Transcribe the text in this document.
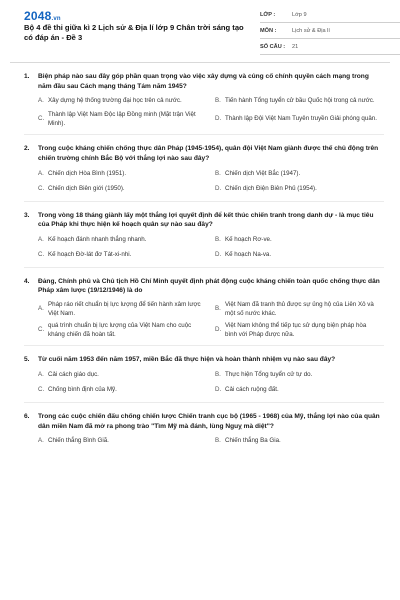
2048.vn
Bộ 4 đề thi giữa kì 2 Lịch sử & Địa lí lớp 9 Chân trời sáng tạo có đáp án - Đề 3
LỚP :	Lớp 9
MÔN :	Lịch sử & Địa lí
SỐ CÂU :	21
1.	Biện pháp nào sau đây góp phần quan trọng vào việc xây dựng và củng cố chính quyền cách mạng trong năm đầu sau Cách mạng tháng Tám năm 1945?
A. Xây dựng hệ thống trường đại học trên cả nước.	B. Tiến hành Tổng tuyển cử bầu Quốc hội trong cả nước.
C.
Thành lập Việt Nam Độc lập Đồng minh (Mặt trận Việt Minh).
D. Thành lập Đội Việt Nam Tuyên truyền Giải phóng quân.
2.	Trong cuộc kháng chiến chống thực dân Pháp (1945-1954), quân đội Việt Nam giành được thế chủ động trên chiến trường chính Bắc Bộ với thắng lợi nào sau đây?
A. Chiến dịch Hòa Bình (1951).	B. Chiến dịch Việt Bắc (1947).
C. Chiến dịch Biên giới (1950).	D. Chiến dịch Điện Biên Phủ (1954).
3.	Trong vòng 18 tháng giành lấy một thắng lợi quyết định để kết thúc chiến tranh trong danh dự - là mục tiêu của Pháp khi thực hiện kế hoạch quân sự nào sau đây?
A. Kế hoạch đánh nhanh thắng nhanh.	B. Kế hoạch Rơ-ve.
C. Kế hoạch Đờ-lát đơ Tát-xi-nhi.	D. Kế hoạch Na-va.
4.	Đảng, Chính phủ và Chủ tịch Hồ Chí Minh quyết định phát động cuộc kháng chiến toàn quốc chống thực dân Pháp xâm lược (19/12/1946) là do
A.
Pháp ráo riết chuẩn bị lực lượng để tiến hành xâm lược Việt Nam.
B.
Việt Nam đã tranh thủ được sự ủng hộ của Liên Xô và một số nước khác.
C.
quá trình chuẩn bị lực lượng của Việt Nam cho cuộc kháng chiến đã hoàn tất.
D.
Việt Nam không thể tiếp tục sử dụng biện pháp hòa bình với Pháp được nữa.
5.	Từ cuối năm 1953 đến năm 1957, miền Bắc đã thực hiện và hoàn thành nhiệm vụ nào sau đây?
A. Cải cách giáo dục.	B. Thực hiện Tổng tuyển cử tự do.
C. Chống bình định của Mỹ.	D. Cải cách ruộng đất.
6.	Trong các cuộc chiến đấu chống chiến lược Chiến tranh cục bộ (1965 - 1968) của Mỹ, thắng lợi nào của quân dân miền Nam đã mở ra phong trào "Tìm Mỹ mà đánh, lùng Nguỵ mà diệt"?
A. Chiến thắng Bình Giã.	B. Chiến thắng Ba Gia.
